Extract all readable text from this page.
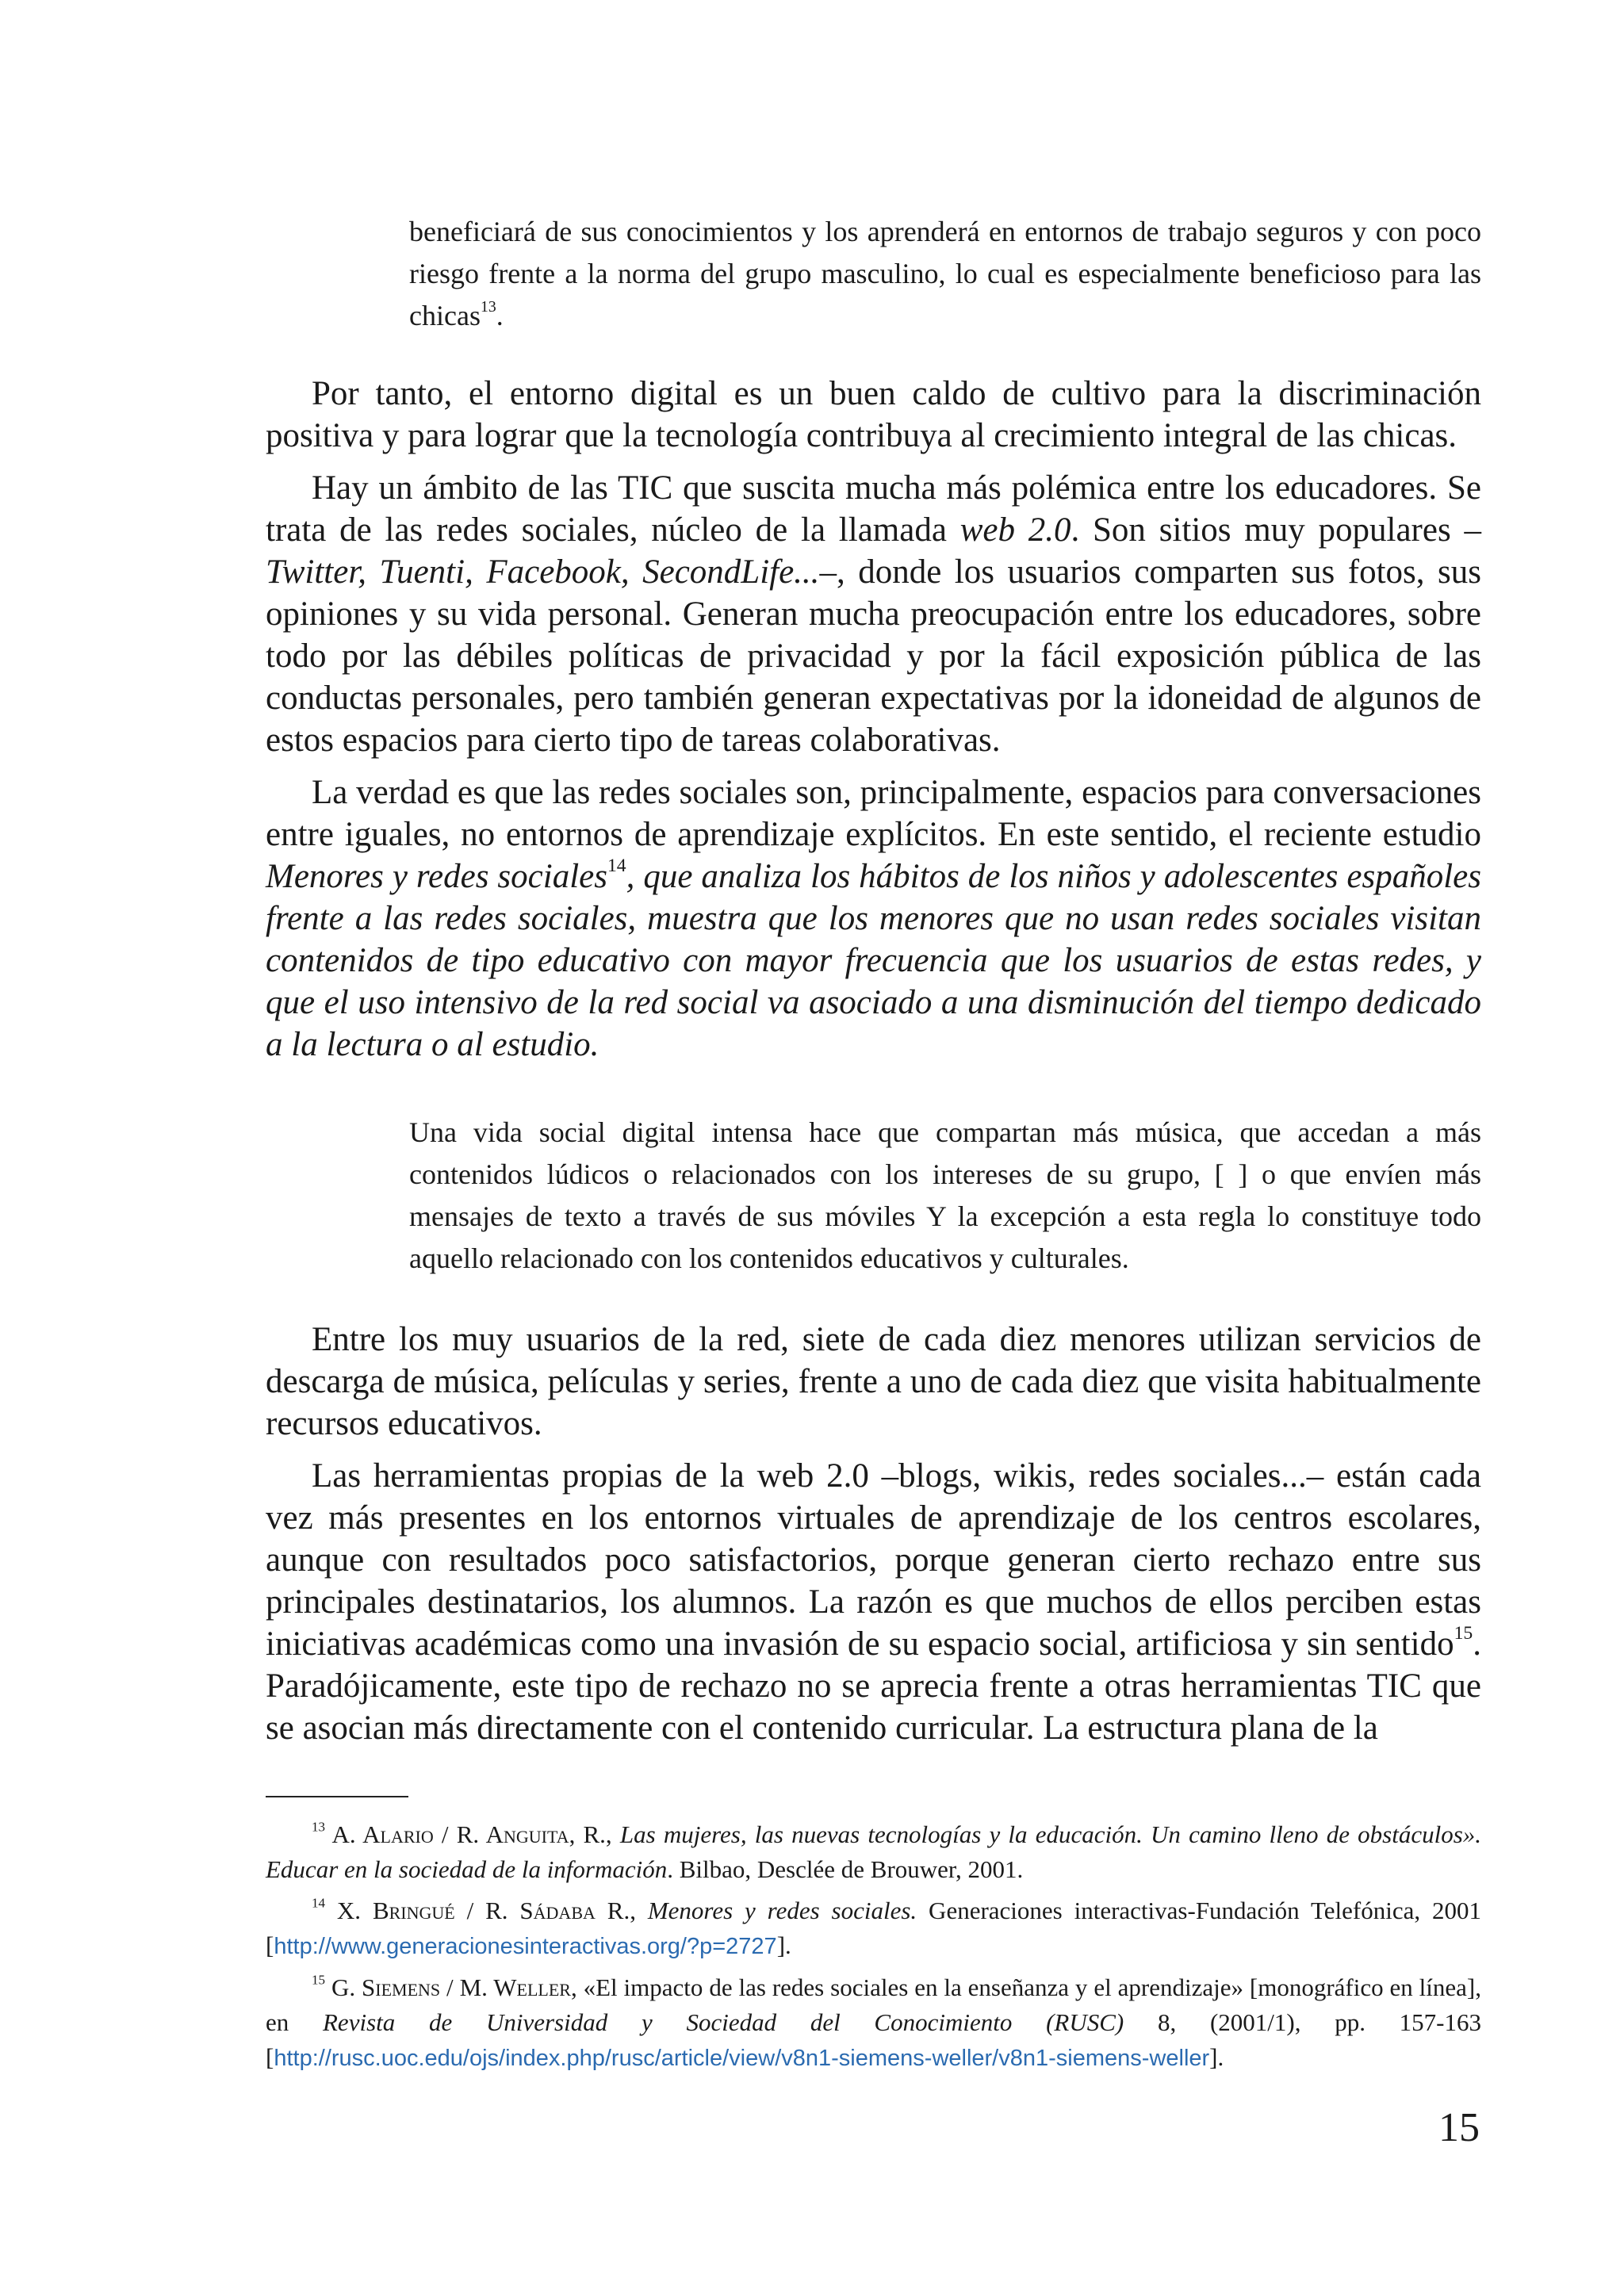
beneficiará de sus conocimientos y los aprenderá en entornos de trabajo seguros y con poco riesgo frente a la norma del grupo masculino, lo cual es especialmente beneficioso para las chicas$^{13}$.

Por tanto, el entorno digital es un buen caldo de cultivo para la discriminación positiva y para lograr que la tecnología contribuya al crecimiento integral de las chicas.

Hay un ámbito de las TIC que suscita mucha más polémica entre los educadores. Se trata de las redes sociales, núcleo de la llamada web 2.0. Son sitios muy populares –Twitter, Tuenti, Facebook, SecondLife...–, donde los usuarios comparten sus fotos, sus opiniones y su vida personal. Generan mucha preocupación entre los educadores, sobre todo por las débiles políticas de privacidad y por la fácil exposición pública de las conductas personales, pero también generan expectativas por la idoneidad de algunos de estos espacios para cierto tipo de tareas colaborativas.

La verdad es que las redes sociales son, principalmente, espacios para conversaciones entre iguales, no entornos de aprendizaje explícitos. En este sentido, el reciente estudio Menores y redes sociales$^{14}$, que analiza los hábitos de los niños y adolescentes españoles frente a las redes sociales, muestra que los menores que no usan redes sociales visitan contenidos de tipo educativo con mayor frecuencia que los usuarios de estas redes, y que el uso intensivo de la red social va asociado a una disminución del tiempo dedicado a la lectura o al estudio.

Una vida social digital intensa hace que compartan más música, que accedan a más contenidos lúdicos o relacionados con los intereses de su grupo, [ ] o que envíen más mensajes de texto a través de sus móviles Y la excepción a esta regla lo constituye todo aquello relacionado con los contenidos educativos y culturales.

Entre los muy usuarios de la red, siete de cada diez menores utilizan servicios de descarga de música, películas y series, frente a uno de cada diez que visita habitualmente recursos educativos.

Las herramientas propias de la web 2.0 –blogs, wikis, redes sociales...– están cada vez más presentes en los entornos virtuales de aprendizaje de los centros escolares, aunque con resultados poco satisfactorios, porque generan cierto rechazo entre sus principales destinatarios, los alumnos. La razón es que muchos de ellos perciben estas iniciativas académicas como una invasión de su espacio social, artificiosa y sin sentido$^{15}$. Paradójicamente, este tipo de rechazo no se aprecia frente a otras herramientas TIC que se asocian más directamente con el contenido curricular. La estructura plana de la

$^{13}$ A. Alario / R. Anguita, R., Las mujeres, las nuevas tecnologías y la educación. Un camino lleno de obstáculos». Educar en la sociedad de la información. Bilbao, Desclée de Brouwer, 2001.

$^{14}$ X. Bringué / R. Sádaba R., Menores y redes sociales. Generaciones interactivas-Fundación Telefónica, 2001 [http://www.generacionesinteractivas.org/?p=2727].

$^{15}$ G. Siemens / M. Weller, «El impacto de las redes sociales en la enseñanza y el aprendizaje» [monográfico en línea], en Revista de Universidad y Sociedad del Conocimiento (RUSC) 8, (2001/1), pp. 157-163 [http://rusc.uoc.edu/ojs/index.php/rusc/article/view/v8n1-siemens-weller/v8n1-siemens-weller].

15
